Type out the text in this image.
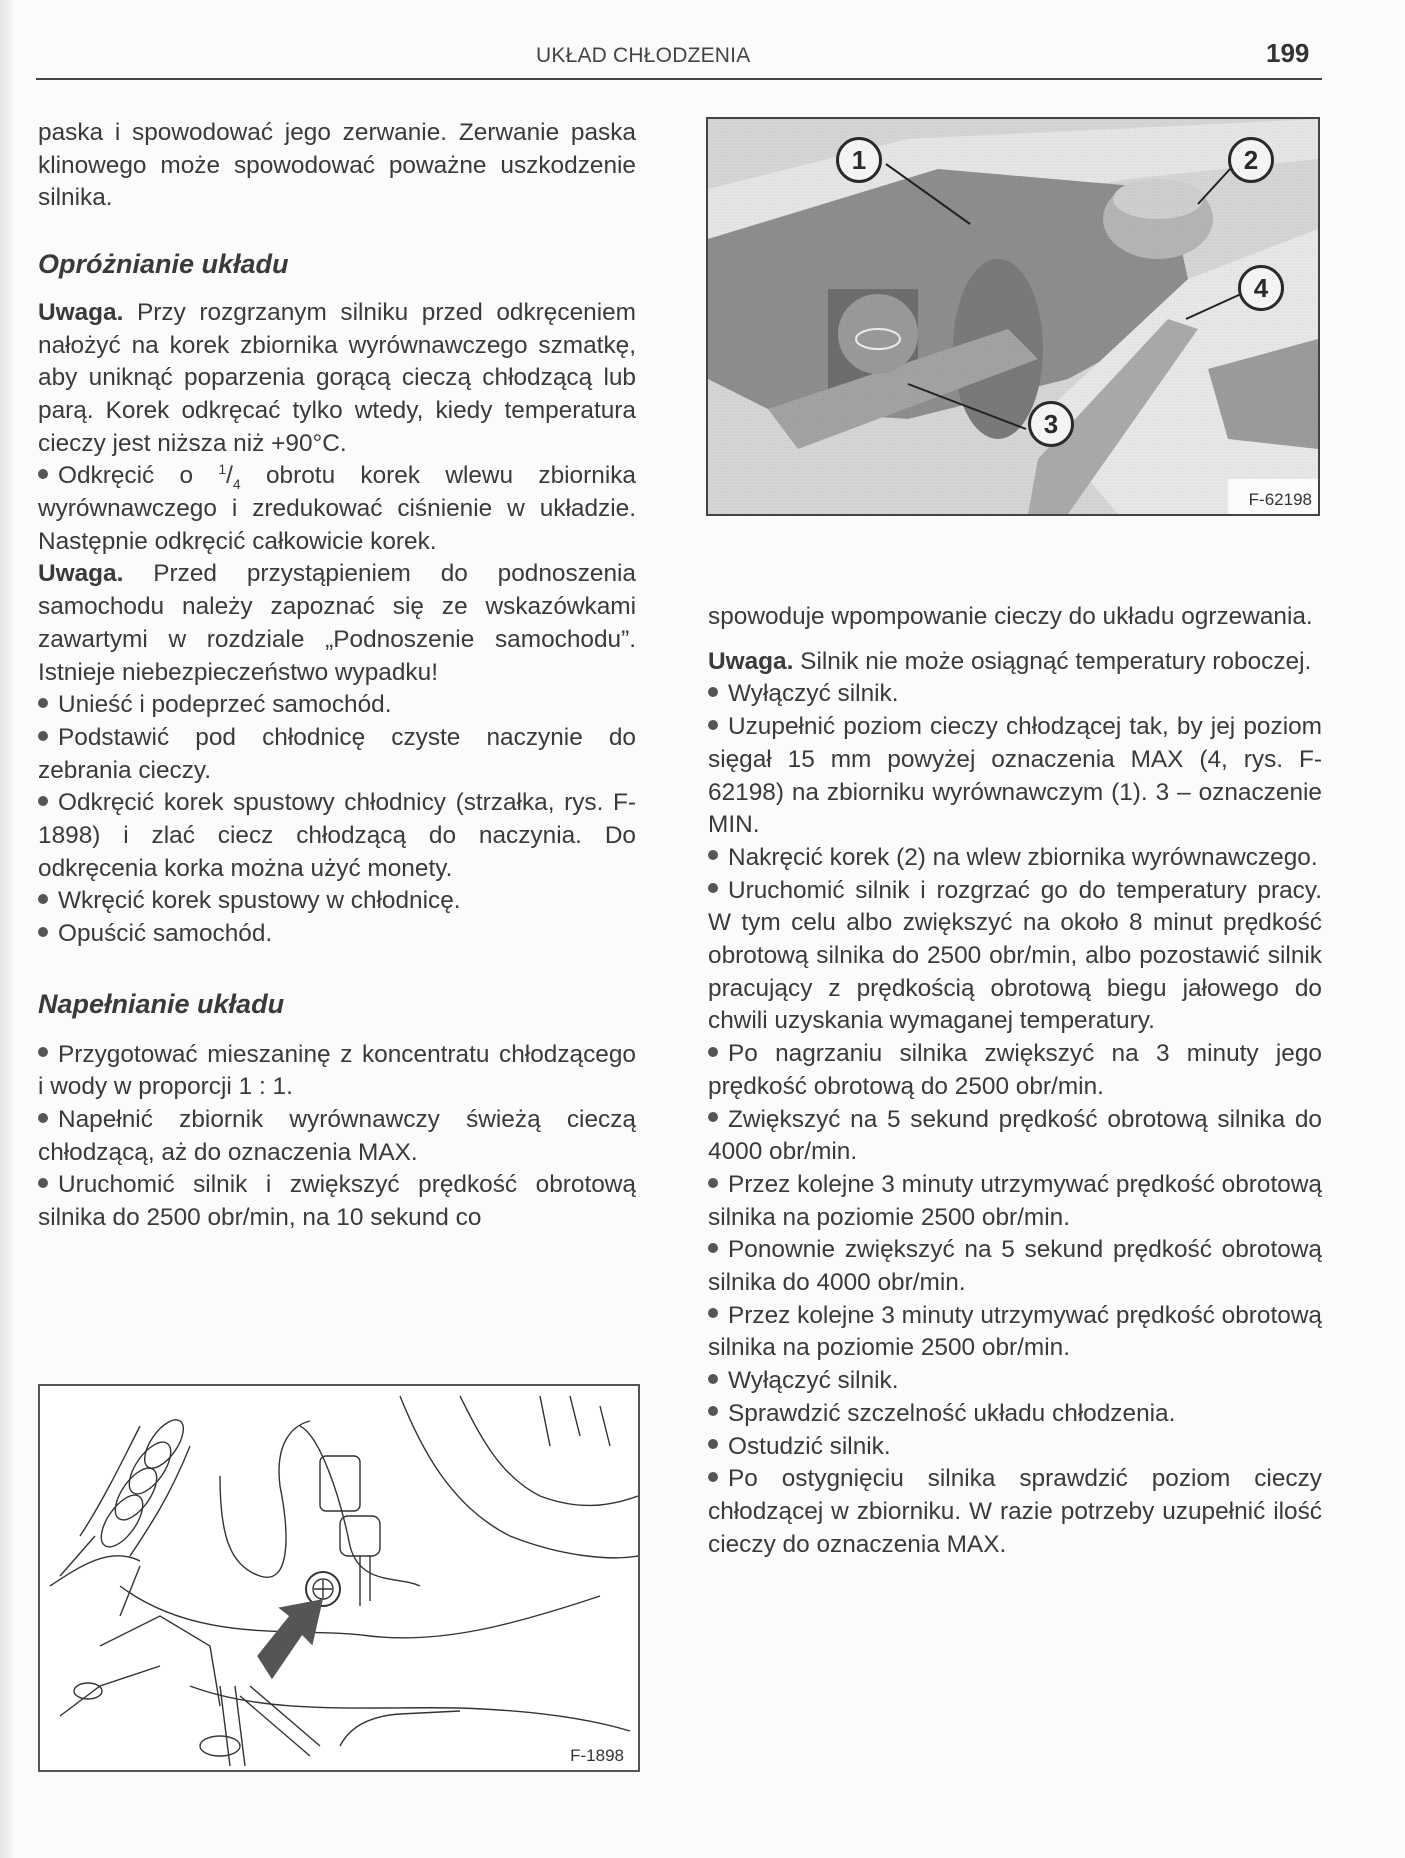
UKŁAD CHŁODZENIA	199

paska i spowodować jego zerwanie. Zerwanie paska klinowego może spowodować poważne uszkodzenie silnika.

Opróżnianie układu

Uwaga. Przy rozgrzanym silniku przed odkręceniem nałożyć na korek zbiornika wyrównawczego szmatkę, aby uniknąć poparzenia gorącą cieczą chłodzącą lub parą. Korek odkręcać tylko wtedy, kiedy temperatura cieczy jest niższa niż +90°C.

Odkręcić o $^1/_4$ obrotu korek wlewu zbiornika wyrównawczego i zredukować ciśnienie w układzie. Następnie odkręcić całkowicie korek.

Uwaga. Przed przystąpieniem do podnoszenia samochodu należy zapoznać się ze wskazówkami zawartymi w rozdziale „Podnoszenie samochodu”. Istnieje niebezpieczeństwo wypadku!

Unieść i podeprzeć samochód.

Podstawić pod chłodnicę czyste naczynie do zebrania cieczy.

Odkręcić korek spustowy chłodnicy (strzałka, rys. F-1898) i zlać ciecz chłodzącą do naczynia. Do odkręcenia korka można użyć monety.

Wkręcić korek spustowy w chłodnicę.

Opuścić samochód.

Napełnianie układu

Przygotować mieszaninę z koncentratu chłodzącego i wody w proporcji 1 : 1.

Napełnić zbiornik wyrównawczy świeżą cieczą chłodzącą, aż do oznaczenia MAX.

Uruchomić silnik i zwiększyć prędkość obrotową silnika do 2500 obr/min, na 10 sekund co

1	2
3
4
F-62198

spowoduje wpompowanie cieczy do układu ogrzewania.

Uwaga. Silnik nie może osiągnąć temperatury roboczej.

Wyłączyć silnik.

Uzupełnić poziom cieczy chłodzącej tak, by jej poziom sięgał 15 mm powyżej oznaczenia MAX (4, rys. F-62198) na zbiorniku wyrównawczym (1). 3 – oznaczenie MIN.

Nakręcić korek (2) na wlew zbiornika wyrównawczego.

Uruchomić silnik i rozgrzać go do temperatury pracy. W tym celu albo zwiększyć na około 8 minut prędkość obrotową silnika do 2500 obr/min, albo pozostawić silnik pracujący z prędkością obrotową biegu jałowego do chwili uzyskania wymaganej temperatury.

Po nagrzaniu silnika zwiększyć na 3 minuty jego prędkość obrotową do 2500 obr/min.

Zwiększyć na 5 sekund prędkość obrotową silnika do 4000 obr/min.

Przez kolejne 3 minuty utrzymywać prędkość obrotową silnika na poziomie 2500 obr/min.

Ponownie zwiększyć na 5 sekund prędkość obrotową silnika do 4000 obr/min.

Przez kolejne 3 minuty utrzymywać prędkość obrotową silnika na poziomie 2500 obr/min.

Wyłączyć silnik.

Sprawdzić szczelność układu chłodzenia.

Ostudzić silnik.

Po ostygnięciu silnika sprawdzić poziom cieczy chłodzącej w zbiorniku. W razie potrzeby uzupełnić ilość cieczy do oznaczenia MAX.

F-1898
